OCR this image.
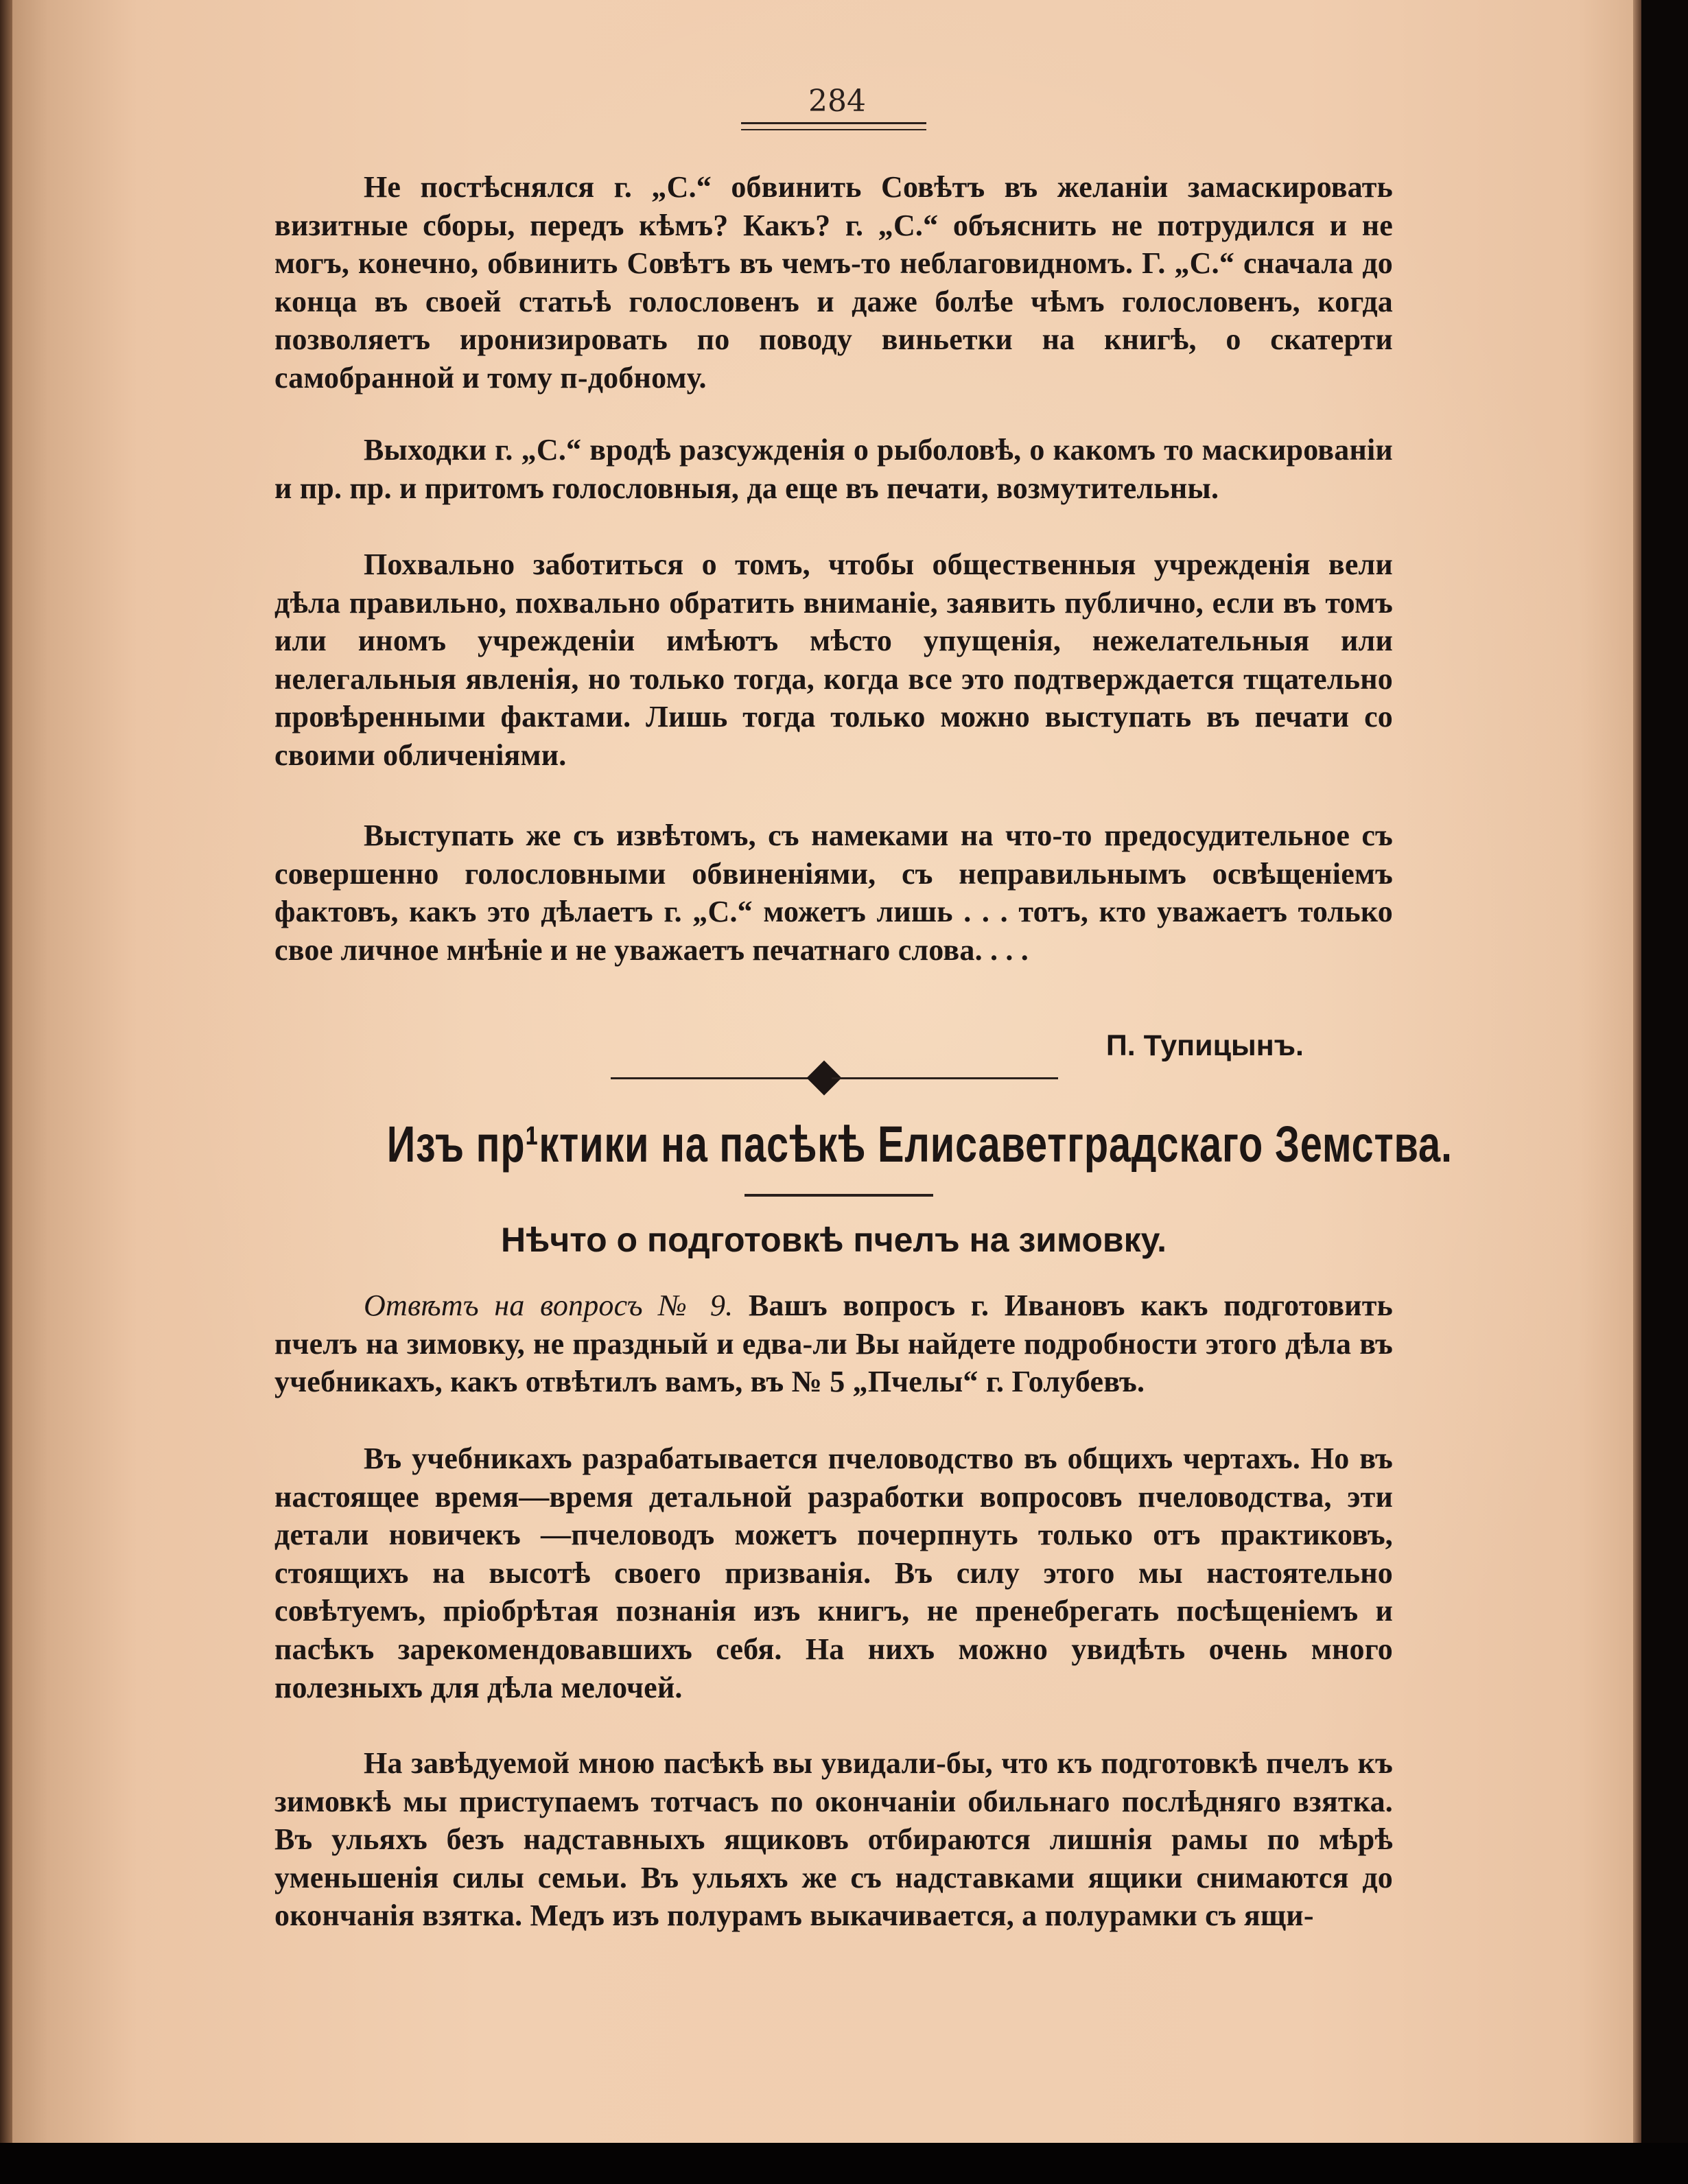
284

Не постѣснялся г. „С.“ обвинить Совѣтъ въ желаніи замаскировать визитные сборы, передъ кѣмъ? Какъ? г. „С.“ объяснить не потрудился и не могъ, конечно, обвинить Совѣтъ въ чемъ-то неблаговидномъ. Г. „С.“ сначала до конца въ своей статьѣ голословенъ и даже болѣе чѣмъ голословенъ, когда позволяетъ иронизировать по поводу виньетки на книгѣ, о скатерти самобранной и тому п-добному.

Выходки г. „С.“ вродѣ разсужденія о рыболовѣ, о какомъ то маскированіи и пр. пр. и притомъ голословныя, да еще въ печати, возмутительны.

Похвально заботиться о томъ, чтобы общественныя учрежденія вели дѣла правильно, похвально обратить вниманіе, заявить публично, если въ томъ или иномъ учрежденіи имѣютъ мѣсто упущенія, нежелательныя или нелегальныя явленія, но только тогда, когда все это подтверждается тщательно провѣренными фактами. Лишь тогда только можно выступать въ печати со своими обличеніями.

Выступать же съ извѣтомъ, съ намеками на что-то предосудительное съ совершенно голословными обвиненіями, съ неправильнымъ освѣщеніемъ фактовъ, какъ это дѣлаетъ г. „С.“ можетъ лишь . . . тотъ, кто уважаетъ только свое личное мнѣніе и не уважаетъ печатнаго слова. . . .

П. Тупицынъ.
Изъ пр¹ктики на пасѣкѣ Елисаветградскаго Земства.
Нѣчто о подготовкѣ пчелъ на зимовку.

Отвѣтъ на вопросъ № 9. Вашъ вопросъ г. Ивановъ какъ подготовить пчелъ на зимовку, не праздный и едва-ли Вы найдете подробности этого дѣла въ учебникахъ, какъ отвѣтилъ вамъ, въ № 5 „Пчелы“ г. Голубевъ.

Въ учебникахъ разрабатывается пчеловодство въ общихъ чертахъ. Но въ настоящее время—время детальной разработки вопросовъ пчеловодства, эти детали новичекъ —пчеловодъ можетъ почерпнуть только отъ практиковъ, стоящихъ на высотѣ своего призванія. Въ силу этого мы настоятельно совѣтуемъ, пріобрѣтая познанія изъ книгъ, не пренебрегать посѣщеніемъ и пасѣкъ зарекомендовавшихъ себя. На нихъ можно увидѣть очень много полезныхъ для дѣла мелочей.

На завѣдуемой мною пасѣкѣ вы увидали-бы, что къ подготовкѣ пчелъ къ зимовкѣ мы приступаемъ тотчасъ по окончаніи обильнаго послѣдняго взятка. Въ ульяхъ безъ надставныхъ ящиковъ отбираются лишнія рамы по мѣрѣ уменьшенія силы семьи. Въ ульяхъ же съ надставками ящики снимаются до окончанія взятка. Медъ изъ полурамъ выкачивается, а полурамки съ ящи-
